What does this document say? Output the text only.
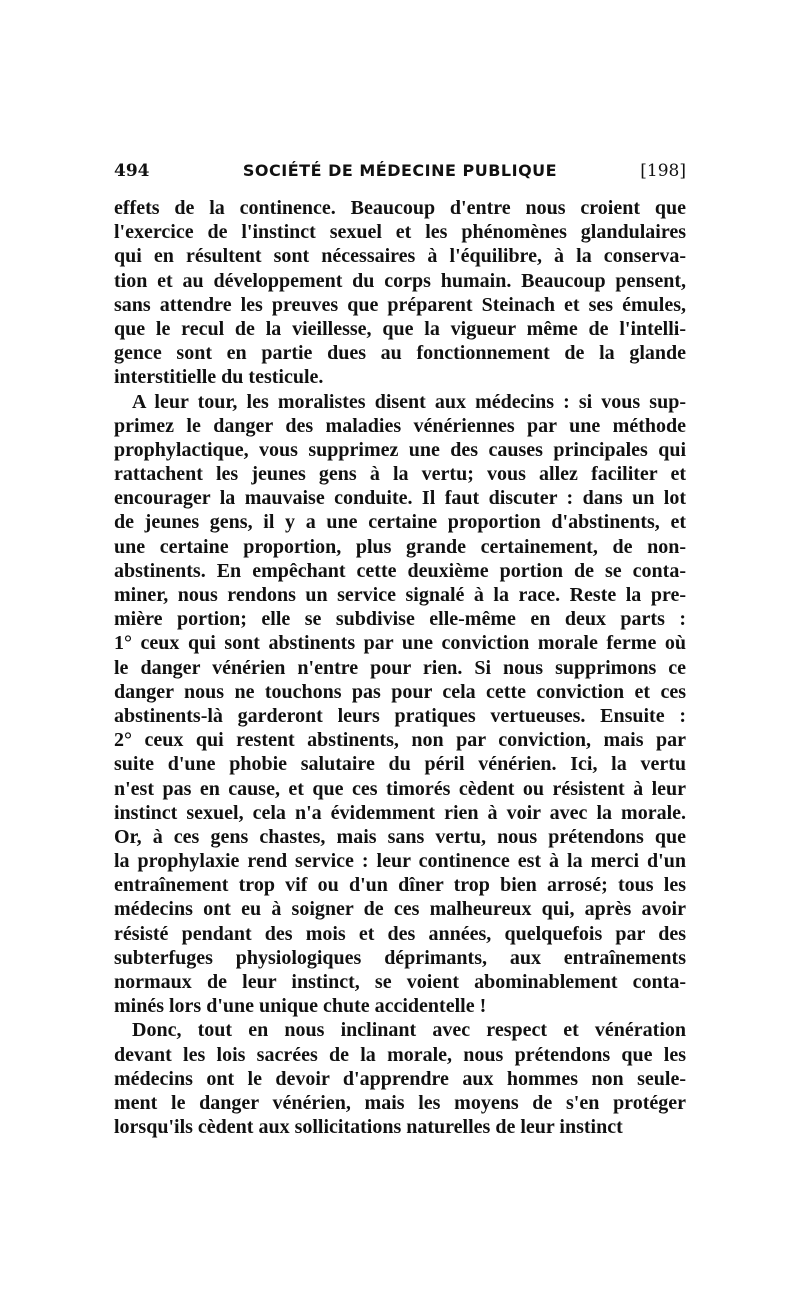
494	SOCIÉTÉ DE MÉDECINE PUBLIQUE	[198]
effets de la continence. Beaucoup d'entre nous croient que
l'exercice de l'instinct sexuel et les phénomènes glandulaires
qui en résultent sont nécessaires à l'équilibre, à la conserva-
tion et au développement du corps humain. Beaucoup pensent,
sans attendre les preuves que préparent Steinach et ses émules,
que le recul de la vieillesse, que la vigueur même de l'intelli-
gence sont en partie dues au fonctionnement de la glande
interstitielle du testicule.
A leur tour, les moralistes disent aux médecins : si vous sup-
primez le danger des maladies vénériennes par une méthode
prophylactique, vous supprimez une des causes principales qui
rattachent les jeunes gens à la vertu; vous allez faciliter et
encourager la mauvaise conduite. Il faut discuter : dans un lot
de jeunes gens, il y a une certaine proportion d'abstinents, et
une certaine proportion, plus grande certainement, de non-
abstinents. En empêchant cette deuxième portion de se conta-
miner, nous rendons un service signalé à la race. Reste la pre-
mière portion; elle se subdivise elle-même en deux parts :
1° ceux qui sont abstinents par une conviction morale ferme où
le danger vénérien n'entre pour rien. Si nous supprimons ce
danger nous ne touchons pas pour cela cette conviction et ces
abstinents-là garderont leurs pratiques vertueuses. Ensuite :
2° ceux qui restent abstinents, non par conviction, mais par
suite d'une phobie salutaire du péril vénérien. Ici, la vertu
n'est pas en cause, et que ces timorés cèdent ou résistent à leur
instinct sexuel, cela n'a évidemment rien à voir avec la morale.
Or, à ces gens chastes, mais sans vertu, nous prétendons que
la prophylaxie rend service : leur continence est à la merci d'un
entraînement trop vif ou d'un dîner trop bien arrosé; tous les
médecins ont eu à soigner de ces malheureux qui, après avoir
résisté pendant des mois et des années, quelquefois par des
subterfuges physiologiques déprimants, aux entraînements
normaux de leur instinct, se voient abominablement conta-
minés lors d'une unique chute accidentelle !
Donc, tout en nous inclinant avec respect et vénération
devant les lois sacrées de la morale, nous prétendons que les
médecins ont le devoir d'apprendre aux hommes non seule-
ment le danger vénérien, mais les moyens de s'en protéger
lorsqu'ils cèdent aux sollicitations naturelles de leur instinct
